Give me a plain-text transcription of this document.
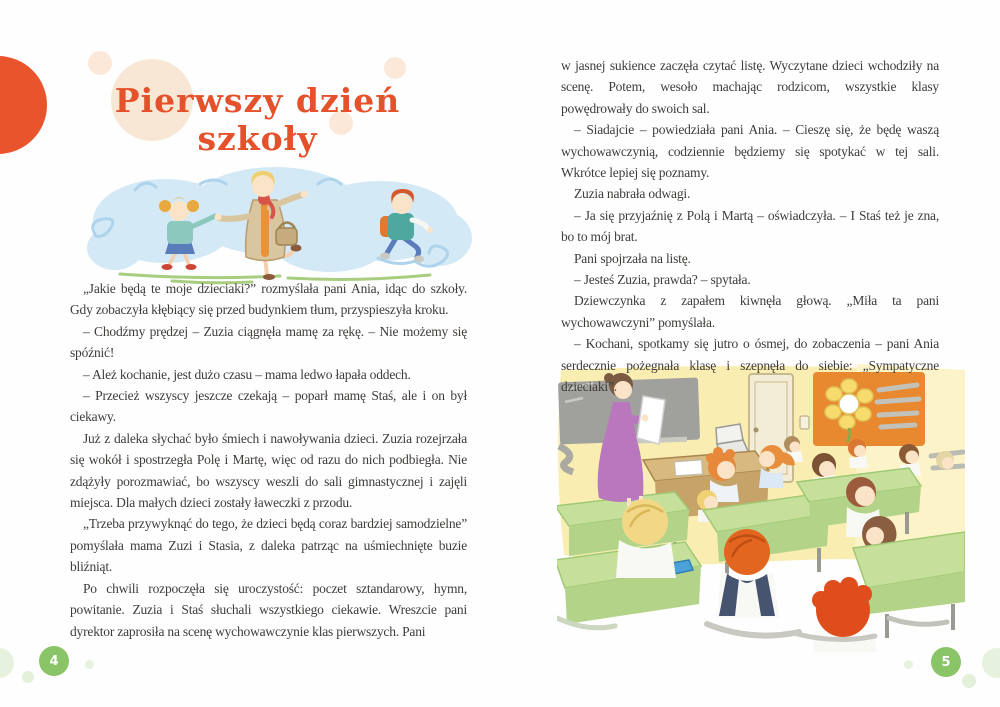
Pierwszy dzień
szkoły

„Jakie będą te moje dzieciaki?” rozmyślała pani Ania, idąc do szkoły. Gdy zobaczyła kłębiący się przed budynkiem tłum, przyspieszyła kroku.

– Chodźmy prędzej – Zuzia ciągnęła mamę za rękę. – Nie możemy się spóźnić!

– Ależ kochanie, jest dużo czasu – mama ledwo łapała oddech.

– Przecież wszyscy jeszcze czekają – poparł mamę Staś, ale i on był ciekawy.

Już z daleka słychać było śmiech i nawoływania dzieci. Zuzia rozejrzała się wokół i spostrzegła Polę i Martę, więc od razu do nich podbiegła. Nie zdążyły porozmawiać, bo wszyscy weszli do sali gimnastycznej i zajęli miejsca. Dla małych dzieci zostały ławeczki z przodu.

„Trzeba przywyknąć do tego, że dzieci będą coraz bardziej samodzielne” pomyślała mama Zuzi i Stasia, z daleka patrząc na uśmiechnięte buzie bliźniąt.

Po chwili rozpoczęła się uroczystość: poczet sztandarowy, hymn, powitanie. Zuzia i Staś słuchali wszystkiego ciekawie. Wreszcie pani dyrektor zaprosiła na scenę wychowawczynie klas pierwszych. Pani

w jasnej sukience zaczęła czytać listę. Wyczytane dzieci wchodziły na scenę. Potem, wesoło machając rodzicom, wszystkie klasy powędrowały do swoich sal.

– Siadajcie – powiedziała pani Ania. – Cieszę się, że będę waszą wychowawczynią, codziennie będziemy się spotykać w tej sali. Wkrótce lepiej się poznamy.

Zuzia nabrała odwagi.

– Ja się przyjaźnię z Polą i Martą – oświadczyła. – I Staś też je zna, bo to mój brat.

Pani spojrzała na listę.

– Jesteś Zuzia, prawda? – spytała.

Dziewczynka z zapałem kiwnęła głową. „Miła ta pani wychowawczyni” pomyślała.

– Kochani, spotkamy się jutro o ósmej, do zobaczenia – pani Ania serdecznie pożegnała klasę i szepnęła do siebie: „Sympatyczne dzieciaki”.

4	5
